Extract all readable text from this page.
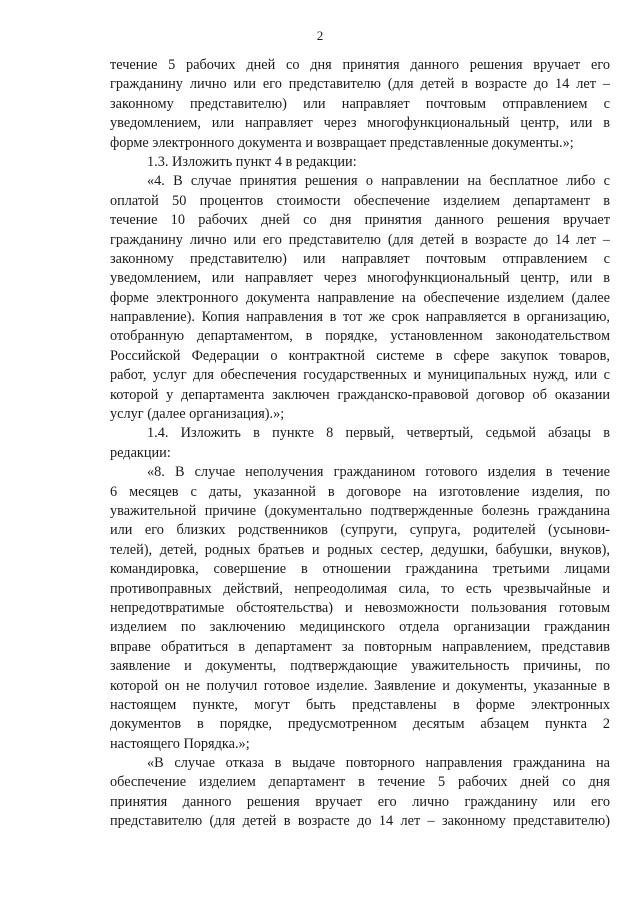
2
течение 5 рабочих дней со дня принятия данного решения вручает его
гражданину лично или его представителю (для детей в возрасте до 14 лет –
законному представителю) или направляет почтовым отправлением с
уведомлением, или направляет через многофункциональный центр, или в
форме электронного документа и возвращает представленные документы.»;
1.3. Изложить пункт 4 в редакции:
«4. В случае принятия решения о направлении на бесплатное либо с
оплатой 50 процентов стоимости обеспечение изделием департамент в
течение 10 рабочих дней со дня принятия данного решения вручает
гражданину лично или его представителю (для детей в возрасте до 14 лет –
законному представителю) или направляет почтовым отправлением с
уведомлением, или направляет через многофункциональный центр, или в
форме электронного документа направление на обеспечение изделием (далее
направление). Копия направления в тот же срок направляется в организацию,
отобранную департаментом, в порядке, установленном законодательством
Российской Федерации о контрактной системе в сфере закупок товаров,
работ, услуг для обеспечения государственных и муниципальных нужд, или с
которой у департамента заключен гражданско-правовой договор об оказании
услуг (далее организация).»;
1.4. Изложить в пункте 8 первый, четвертый, седьмой абзацы в
редакции:
«8. В случае неполучения гражданином готового изделия в течение
6 месяцев с даты, указанной в договоре на изготовление изделия, по
уважительной причине (документально подтвержденные болезнь гражданина
или его близких родственников (супруги, супруга, родителей (усынови-
телей), детей, родных братьев и родных сестер, дедушки, бабушки, внуков),
командировка, совершение в отношении гражданина третьими лицами
противоправных действий, непреодолимая сила, то есть чрезвычайные и
непредотвратимые обстоятельства) и невозможности пользования готовым
изделием по заключению медицинского отдела организации гражданин
вправе обратиться в департамент за повторным направлением, представив
заявление и документы, подтверждающие уважительность причины, по
которой он не получил готовое изделие. Заявление и документы, указанные в
настоящем пункте, могут быть представлены в форме электронных
документов в порядке, предусмотренном десятым абзацем пункта 2
настоящего Порядка.»;
«В случае отказа в выдаче повторного направления гражданина на
обеспечение изделием департамент в течение 5 рабочих дней со дня
принятия данного решения вручает его лично гражданину или его
представителю (для детей в возрасте до 14 лет – законному представителю)
